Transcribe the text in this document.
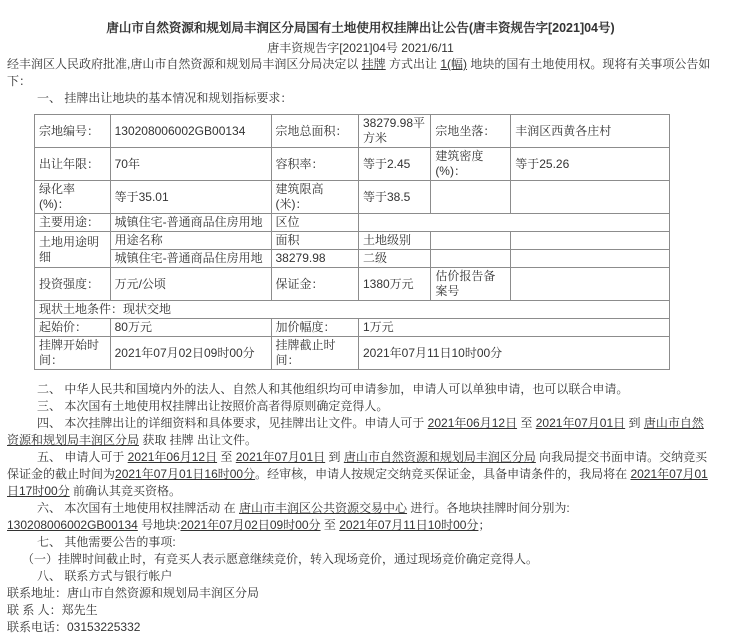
唐山市自然资源和规划局丰润区分局国有土地使用权挂牌出让公告(唐丰资规告字[2021]04号)
唐丰资规告字[2021]04号 2021/6/11

经丰润区人民政府批准,唐山市自然资源和规划局丰润区分局决定以 挂牌 方式出让 1(幅) 地块的国有土地使用权。现将有关事项公告如下：

一、 挂牌出让地块的基本情况和规划指标要求：

宗地编号：	130208006002GB00134	宗地总面积：	38279.98平方米	宗地坐落：	丰润区西黄各庄村
出让年限：	70年	容积率：	等于2.45	建筑密度(%)：	等于25.26
绿化率(%)：	等于35.01	建筑限高(米)：	等于38.5		
主要用途：	城镇住宅-普通商品住房用地	区位			
土地用途明细	用途名称	面积	土地级别		
	城镇住宅-普通商品住房用地	38279.98	二级		
投资强度：	万元/公顷	保证金：	1380万元	估价报告备案号	
现状土地条件：现状交地					
起始价：	80万元	加价幅度：	1万元		
挂牌开始时间：	2021年07月02日09时00分	挂牌截止时间：	2021年07月11日10时00分		

二、 中华人民共和国境内外的法人、自然人和其他组织均可申请参加，申请人可以单独申请，也可以联合申请。

三、 本次国有土地使用权挂牌出让按照价高者得原则确定竞得人。

四、 本次挂牌出让的详细资料和具体要求，见挂牌出让文件。申请人可于 2021年06月12日 至 2021年07月01日 到 唐山市自然资源和规划局丰润区分局 获取 挂牌 出让文件。

五、 申请人可于 2021年06月12日 至 2021年07月01日 到 唐山市自然资源和规划局丰润区分局 向我局提交书面申请。交纳竞买保证金的截止时间为2021年07月01日16时00分。经审核，申请人按规定交纳竞买保证金，具备申请条件的，我局将在 2021年07月01日17时00分 前确认其竞买资格。

六、 本次国有土地使用权挂牌活动 在 唐山市丰润区公共资源交易中心 进行。各地块挂牌时间分别为:

130208006002GB00134 号地块:2021年07月02日09时00分 至 2021年07月11日10时00分；

七、 其他需要公告的事项:

（一）挂牌时间截止时，有竞买人表示愿意继续竞价，转入现场竞价，通过现场竞价确定竞得人。

八、 联系方式与银行帐户

联系地址：唐山市自然资源和规划局丰润区分局

联 系 人：郑先生

联系电话：03153225332
